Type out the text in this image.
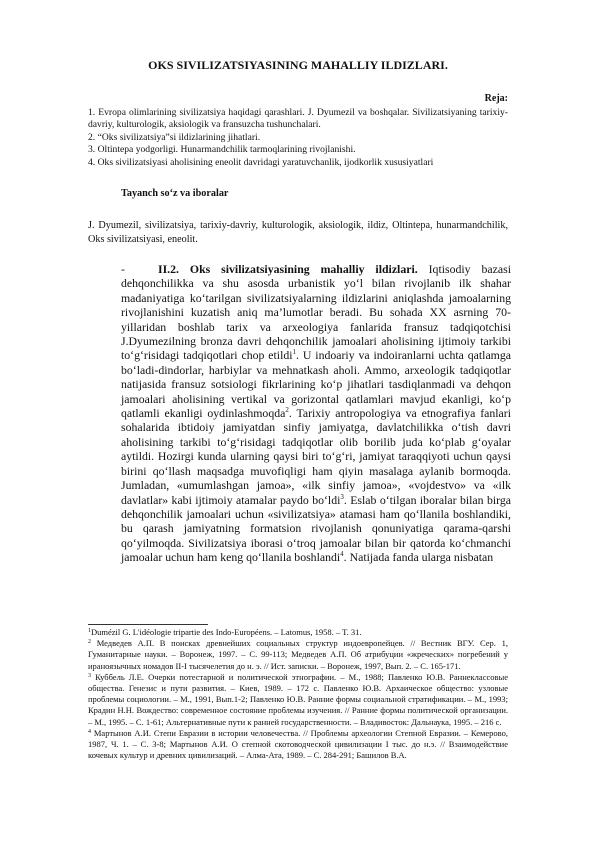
OKS SIVILIZATSIYASINING MAHALLIY ILDIZLARI.
Reja:

1. Evropa olimlarining sivilizatsiya haqidagi qarashlari. J. Dyumezil va boshqalar. Sivilizatsiyaning tarixiy-davriy, kulturologik, aksiologik va fransuzcha tushunchalari.

2. “Oks sivilizatsiya”si ildizlarining jihatlari.

3. Oltintepa yodgorligi. Hunarmandchilik tarmoqlarining rivojlanishi.

4. Oks sivilizatsiyasi aholisining eneolit davridagi yaratuvchanlik, ijodkorlik xususiyatlari

Tayanch so‘z va iboralar
J. Dyumezil, sivilizatsiya, tarixiy-davriy, kulturologik, aksiologik, ildiz, Oltintepa, hunarmandchilik, Oks sivilizatsiyasi, eneolit.
-	II.2. Oks sivilizatsiyasining mahalliy ildizlari. Iqtisodiy bazasi dehqonchilikka va shu asosda urbanistik yo‘l bilan rivojlanib ilk shahar madaniyatiga ko‘tarilgan sivilizatsiyalarning ildizlarini aniqlashda jamoalarning rivojlanishini kuzatish aniq ma’lumotlar beradi. Bu sohada XX asrning 70-yillaridan boshlab tarix va arxeologiya fanlarida fransuz tadqiqotchisi J.Dyumezilning bronza davri dehqonchilik jamoalari aholisining ijtimoiy tarkibi to‘g‘risidagi tadqiqotlari chop etildi$^1$. U indoariy va indoiranlarni uchta qatlamga bo‘ladi-dindorlar, harbiylar va mehnatkash aholi. Ammo, arxeologik tadqiqotlar natijasida fransuz sotsiologi fikrlarining ko‘p jihatlari tasdiqlanmadi va dehqon jamoalari aholisining vertikal va gorizontal qatlamlari mavjud ekanligi, ko‘p qatlamli ekanligi oydinlashmoqda$^2$. Tarixiy antropologiya va etnografiya fanlari sohalarida ibtidoiy jamiyatdan sinfiy jamiyatga, davlatchilikka o‘tish davri aholisining tarkibi to‘g‘risidagi tadqiqotlar olib borilib juda ko‘plab g‘oyalar aytildi. Hozirgi kunda ularning qaysi biri to‘g‘ri, jamiyat taraqqiyoti uchun qaysi birini qo‘llash maqsadga muvofiqligi ham qiyin masalaga aylanib bormoqda. Jumladan, «umumlashgan jamoa», «ilk sinfiy jamoa», «vojdestvo» va «ilk davlatlar» kabi ijtimoiy atamalar paydo bo‘ldi$^3$. Eslab o‘tilgan iboralar bilan birga dehqonchilik jamoalari uchun «sivilizatsiya» atamasi ham qo‘llanila boshlandiki, bu qarash jamiyatning formatsion rivojlanish qonuniyatiga qarama-qarshi qo‘yilmoqda. Sivilizatsiya iborasi o‘troq jamoalar bilan bir qatorda ko‘chmanchi jamoalar uchun ham keng qo‘llanila boshlandi$^4$. Natijada fanda ularga nisbatan

$^1$Dumézil G. L'idéologie tripartie des Indo-Européens. – Latomus, 1958. – T. 31.

$^2$ Медведев А.П. В поисках древнейших социальных структур индоевропейцев. // Вестник ВГУ. Сер. 1, Гуманитарные науки. – Воронеж, 1997. – С. 99-113; Медведев А.П. Об атрибуции «жреческих» погребений у ираноязычных номадов II-I тысячелетия до н. э. // Ист. записки. – Воронеж, 1997, Вып. 2. – С. 165-171.

$^3$ Куббель Л.Е. Очерки потестарной и политической этнографии. – М., 1988; Павленко Ю.В. Раннеклассовые общества. Генезис и пути развития. – Киев, 1989. – 172 с. Павленко Ю.В. Архаическое общество: узловые проблемы социологии. – М., 1991, Вып.1-2; Павленко Ю.В. Ранние формы социальной стратификации. – М., 1993; Крадин Н.Н. Вождество: современное состояние проблемы изучения. // Ранние формы политической организации. – М., 1995. – С. 1-61; Альтернативные пути к ранней государственности. – Владивосток: Дальнаука, 1995. – 216 с.

$^4$ Мартынов А.И. Степи Евразии в истории человечества. // Проблемы археологии Степной Евразии. – Кемерово, 1987, Ч. 1. – С. 3-8; Мартынов А.И. О степной скотоводческой цивилизации I тыс. до н.э. // Взаимодействие кочевых культур и древних цивилизаций. – Алма-Ата, 1989. – С. 284-291; Башилов В.А.
